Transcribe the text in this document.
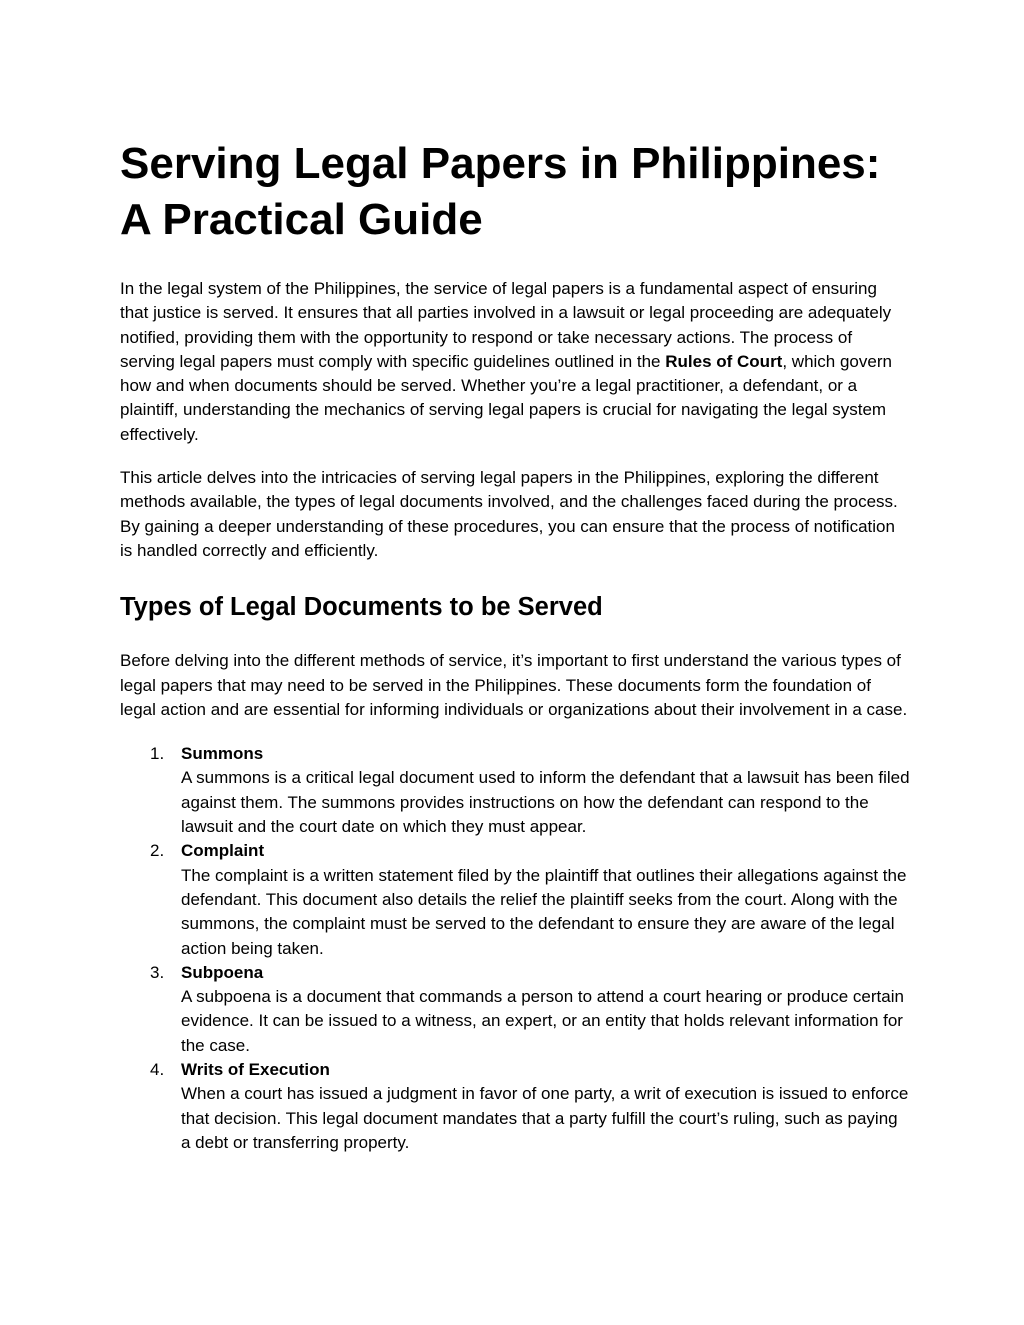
Serving Legal Papers in Philippines:
A Practical Guide

In the legal system of the Philippines, the service of legal papers is a fundamental aspect of ensuring that justice is served. It ensures that all parties involved in a lawsuit or legal proceeding are adequately notified, providing them with the opportunity to respond or take necessary actions. The process of serving legal papers must comply with specific guidelines outlined in the Rules of Court, which govern how and when documents should be served. Whether you’re a legal practitioner, a defendant, or a plaintiff, understanding the mechanics of serving legal papers is crucial for navigating the legal system effectively.

This article delves into the intricacies of serving legal papers in the Philippines, exploring the different methods available, the types of legal documents involved, and the challenges faced during the process. By gaining a deeper understanding of these procedures, you can ensure that the process of notification is handled correctly and efficiently.

Types of Legal Documents to be Served

Before delving into the different methods of service, it’s important to first understand the various types of legal papers that may need to be served in the Philippines. These documents form the foundation of legal action and are essential for informing individuals or organizations about their involvement in a case.

1. Summons
A summons is a critical legal document used to inform the defendant that a lawsuit has been filed against them. The summons provides instructions on how the defendant can respond to the lawsuit and the court date on which they must appear.
2. Complaint
The complaint is a written statement filed by the plaintiff that outlines their allegations against the defendant. This document also details the relief the plaintiff seeks from the court. Along with the summons, the complaint must be served to the defendant to ensure they are aware of the legal action being taken.
3. Subpoena
A subpoena is a document that commands a person to attend a court hearing or produce certain evidence. It can be issued to a witness, an expert, or an entity that holds relevant information for the case.
4. Writs of Execution
When a court has issued a judgment in favor of one party, a writ of execution is issued to enforce that decision. This legal document mandates that a party fulfill the court’s ruling, such as paying a debt or transferring property.
